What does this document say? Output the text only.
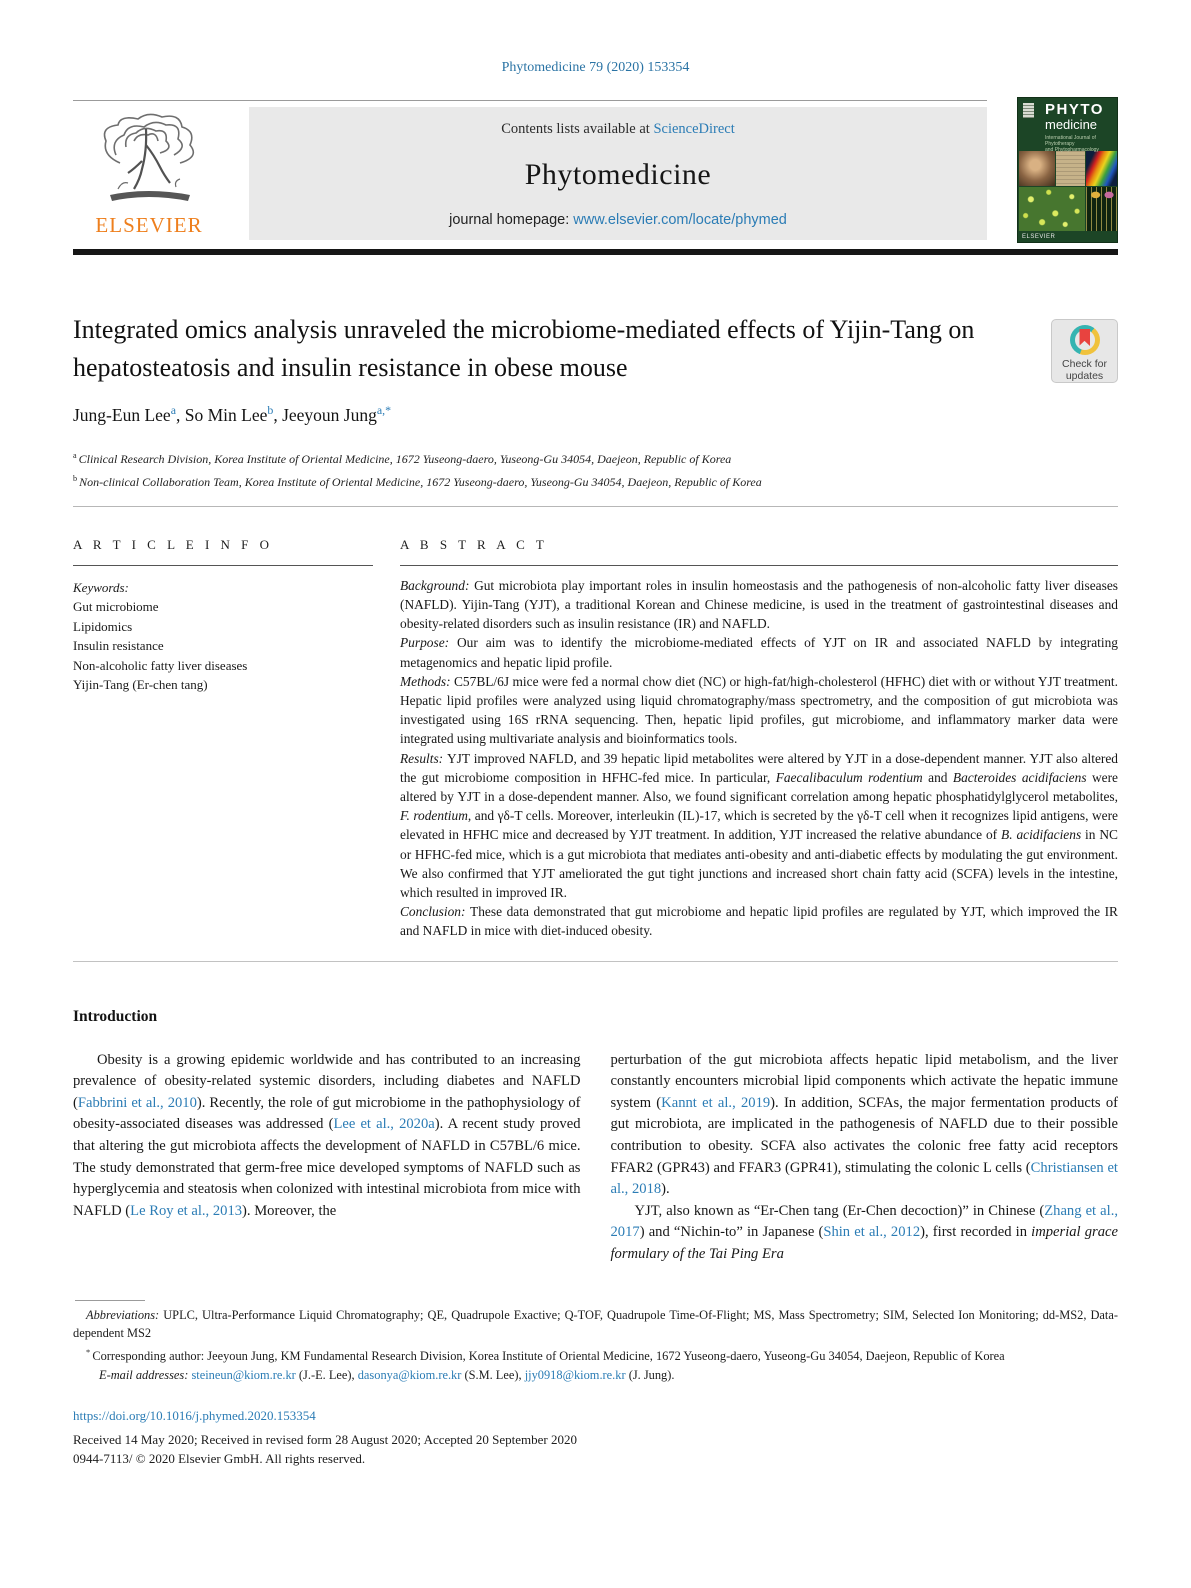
Phytomedicine 79 (2020) 153354
ELSEVIER
Contents lists available at ScienceDirect
Phytomedicine
journal homepage: www.elsevier.com/locate/phymed
PHYTO
medicine
International Journal of Phytotherapy
and Phytopharmacology
ELSEVIER
Integrated omics analysis unraveled the microbiome-mediated effects of Yijin-Tang on hepatosteatosis and insulin resistance in obese mouse	Check for
updates
Jung-Eun Lee$^a$, So Min Lee$^b$, Jeeyoun Jung$^{a,*}$
$^a$ Clinical Research Division, Korea Institute of Oriental Medicine, 1672 Yuseong-daero, Yuseong-Gu 34054, Daejeon, Republic of Korea
$^b$ Non-clinical Collaboration Team, Korea Institute of Oriental Medicine, 1672 Yuseong-daero, Yuseong-Gu 34054, Daejeon, Republic of Korea
A R T I C L E I N F O
Keywords:
Gut microbiome
Lipidomics
Insulin resistance
Non-alcoholic fatty liver diseases
Yijin-Tang (Er-chen tang)
A B S T R A C T

Background: Gut microbiota play important roles in insulin homeostasis and the pathogenesis of non-alcoholic fatty liver diseases (NAFLD). Yijin-Tang (YJT), a traditional Korean and Chinese medicine, is used in the treatment of gastrointestinal diseases and obesity-related disorders such as insulin resistance (IR) and NAFLD.

Purpose: Our aim was to identify the microbiome-mediated effects of YJT on IR and associated NAFLD by integrating metagenomics and hepatic lipid profile.

Methods: C57BL/6J mice were fed a normal chow diet (NC) or high-fat/high-cholesterol (HFHC) diet with or without YJT treatment. Hepatic lipid profiles were analyzed using liquid chromatography/mass spectrometry, and the composition of gut microbiota was investigated using 16S rRNA sequencing. Then, hepatic lipid profiles, gut microbiome, and inflammatory marker data were integrated using multivariate analysis and bioinformatics tools.

Results: YJT improved NAFLD, and 39 hepatic lipid metabolites were altered by YJT in a dose-dependent manner. YJT also altered the gut microbiome composition in HFHC-fed mice. In particular, Faecalibaculum rodentium and Bacteroides acidifaciens were altered by YJT in a dose-dependent manner. Also, we found significant correlation among hepatic phosphatidylglycerol metabolites, F. rodentium, and γδ-T cells. Moreover, interleukin (IL)-17, which is secreted by the γδ-T cell when it recognizes lipid antigens, were elevated in HFHC mice and decreased by YJT treatment. In addition, YJT increased the relative abundance of B. acidifaciens in NC or HFHC-fed mice, which is a gut microbiota that mediates anti-obesity and anti-diabetic effects by modulating the gut environment. We also confirmed that YJT ameliorated the gut tight junctions and increased short chain fatty acid (SCFA) levels in the intestine, which resulted in improved IR.

Conclusion: These data demonstrated that gut microbiome and hepatic lipid profiles are regulated by YJT, which improved the IR and NAFLD in mice with diet-induced obesity.

Introduction

Obesity is a growing epidemic worldwide and has contributed to an increasing prevalence of obesity-related systemic disorders, including diabetes and NAFLD (Fabbrini et al., 2010). Recently, the role of gut microbiome in the pathophysiology of obesity-associated diseases was addressed (Lee et al., 2020a). A recent study proved that altering the gut microbiota affects the development of NAFLD in C57BL/6 mice. The study demonstrated that germ-free mice developed symptoms of NAFLD such as hyperglycemia and steatosis when colonized with intestinal microbiota from mice with NAFLD (Le Roy et al., 2013). Moreover, the

perturbation of the gut microbiota affects hepatic lipid metabolism, and the liver constantly encounters microbial lipid components which activate the hepatic immune system (Kannt et al., 2019). In addition, SCFAs, the major fermentation products of gut microbiota, are implicated in the pathogenesis of NAFLD due to their possible contribution to obesity. SCFA also activates the colonic free fatty acid receptors FFAR2 (GPR43) and FFAR3 (GPR41), stimulating the colonic L cells (Christiansen et al., 2018).

YJT, also known as “Er-Chen tang (Er-Chen decoction)” in Chinese (Zhang et al., 2017) and “Nichin-to” in Japanese (Shin et al., 2012), first recorded in imperial grace formulary of the Tai Ping Era

Abbreviations: UPLC, Ultra-Performance Liquid Chromatography; QE, Quadrupole Exactive; Q-TOF, Quadrupole Time-Of-Flight; MS, Mass Spectrometry; SIM, Selected Ion Monitoring; dd-MS2, Data-dependent MS2

* Corresponding author: Jeeyoun Jung, KM Fundamental Research Division, Korea Institute of Oriental Medicine, 1672 Yuseong-daero, Yuseong-Gu 34054, Daejeon, Republic of Korea

E-mail addresses: steineun@kiom.re.kr (J.-E. Lee), dasonya@kiom.re.kr (S.M. Lee), jjy0918@kiom.re.kr (J. Jung).

https://doi.org/10.1016/j.phymed.2020.153354
Received 14 May 2020; Received in revised form 28 August 2020; Accepted 20 September 2020
0944-7113/ © 2020 Elsevier GmbH. All rights reserved.
